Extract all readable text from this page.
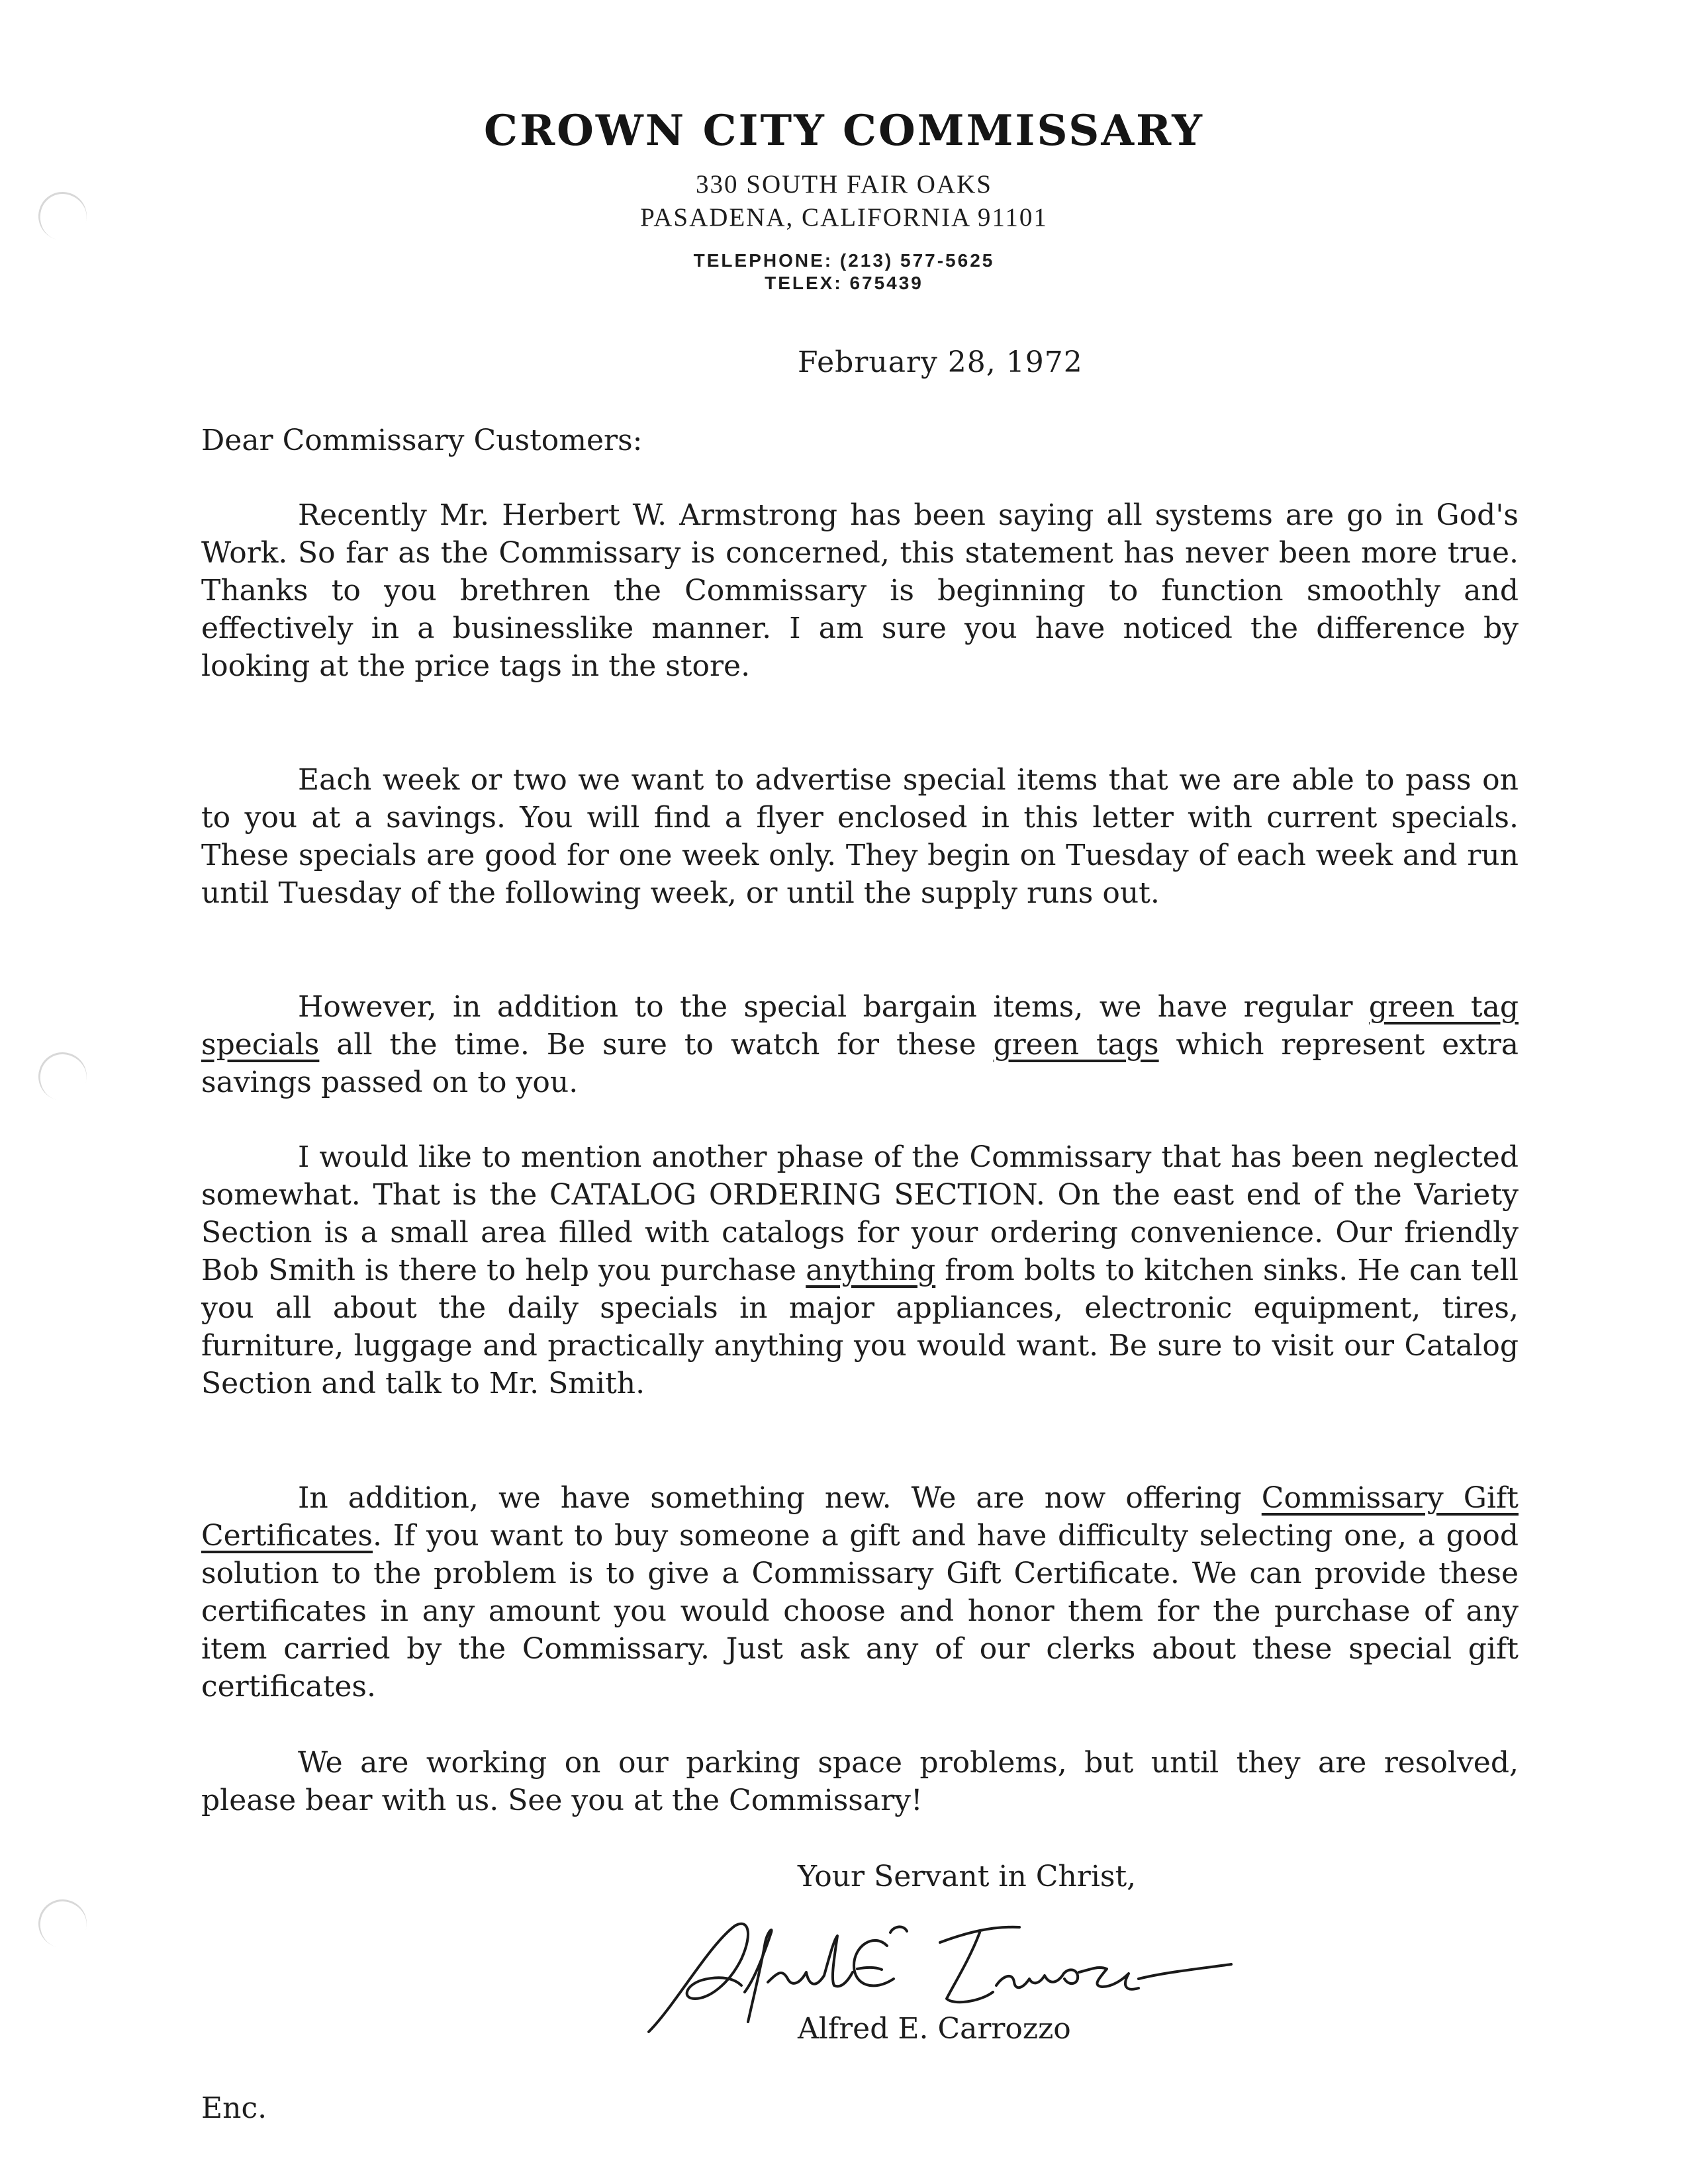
CROWN CITY COMMISSARY
330 SOUTH FAIR OAKS
PASADENA, CALIFORNIA 91101
TELEPHONE: (213) 577-5625
TELEX: 675439
February 28, 1972
Dear Commissary Customers:
Recently Mr. Herbert W. Armstrong has been saying all systems are go in God's Work. So far as the Commissary is concerned, this statement has never been more true. Thanks to you brethren the Commissary is beginning to function smoothly and effectively in a businesslike manner. I am sure you have noticed the difference by looking at the price tags in the store.
Each week or two we want to advertise special items that we are able to pass on to you at a savings. You will find a flyer enclosed in this letter with current specials. These specials are good for one week only. They begin on Tuesday of each week and run until Tuesday of the following week, or until the supply runs out.
However, in addition to the special bargain items, we have regular green tag specials all the time. Be sure to watch for these green tags which represent extra savings passed on to you.
I would like to mention another phase of the Commissary that has been neglected somewhat. That is the CATALOG ORDERING SECTION. On the east end of the Variety Section is a small area filled with catalogs for your ordering convenience. Our friendly Bob Smith is there to help you purchase anything from bolts to kitchen sinks. He can tell you all about the daily specials in major appliances, electronic equipment, tires, furniture, luggage and practically anything you would want. Be sure to visit our Catalog Section and talk to Mr. Smith.
In addition, we have something new. We are now offering Commissary Gift Certificates. If you want to buy someone a gift and have difficulty selecting one, a good solution to the problem is to give a Commissary Gift Certificate. We can provide these certificates in any amount you would choose and honor them for the purchase of any item carried by the Commissary. Just ask any of our clerks about these special gift certificates.
We are working on our parking space problems, but until they are resolved, please bear with us. See you at the Commissary!
Your Servant in Christ,
Alfred E. Carrozzo
Enc.
